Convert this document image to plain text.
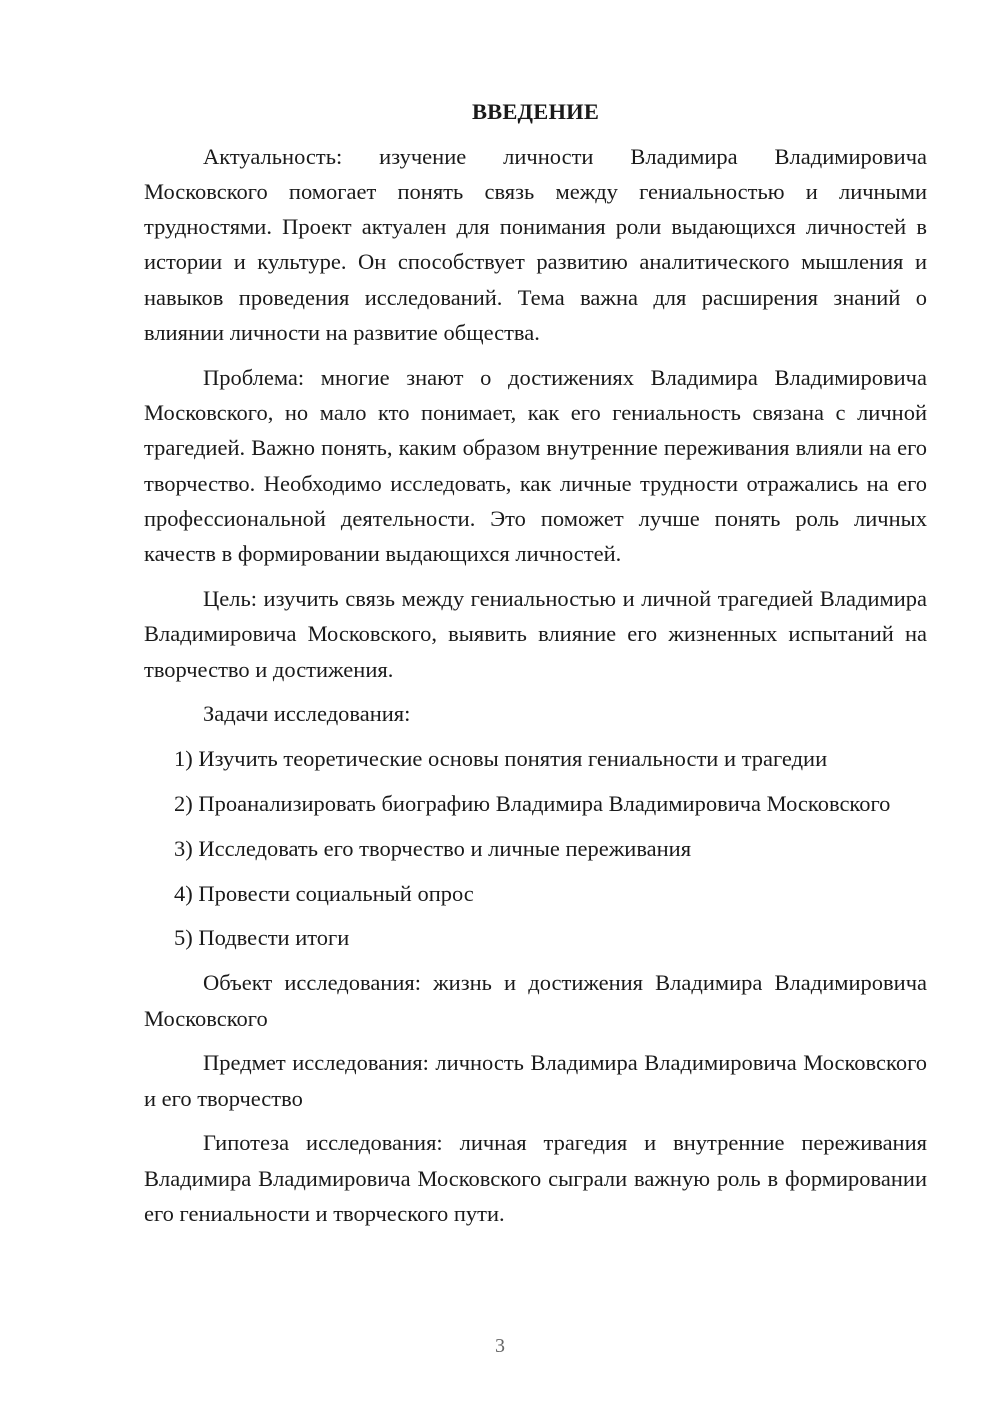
ВВЕДЕНИЕ

Актуальность: изучение личности Владимира Владимировича Московского помогает понять связь между гениальностью и личными трудностями. Проект актуален для понимания роли выдающихся личностей в истории и культуре. Он способствует развитию аналитического мышления и навыков проведения исследований. Тема важна для расширения знаний о влиянии личности на развитие общества.

Проблема: многие знают о достижениях Владимира Владимировича Московского, но мало кто понимает, как его гениальность связана с личной трагедией. Важно понять, каким образом внутренние переживания влияли на его творчество. Необходимо исследовать, как личные трудности отражались на его профессиональной деятельности. Это поможет лучше понять роль личных качеств в формировании выдающихся личностей.

Цель: изучить связь между гениальностью и личной трагедией Владимира Владимировича Московского, выявить влияние его жизненных испытаний на творчество и достижения.

Задачи исследования:

1) Изучить теоретические основы понятия гениальности и трагедии

2) Проанализировать биографию Владимира Владимировича Московского

3) Исследовать его творчество и личные переживания

4) Провести социальный опрос

5) Подвести итоги

Объект исследования: жизнь и достижения Владимира Владимировича Московского

Предмет исследования: личность Владимира Владимировича Московского и его творчество

Гипотеза исследования: личная трагедия и внутренние переживания Владимира Владимировича Московского сыграли важную роль в формировании его гениальности и творческого пути.

3
